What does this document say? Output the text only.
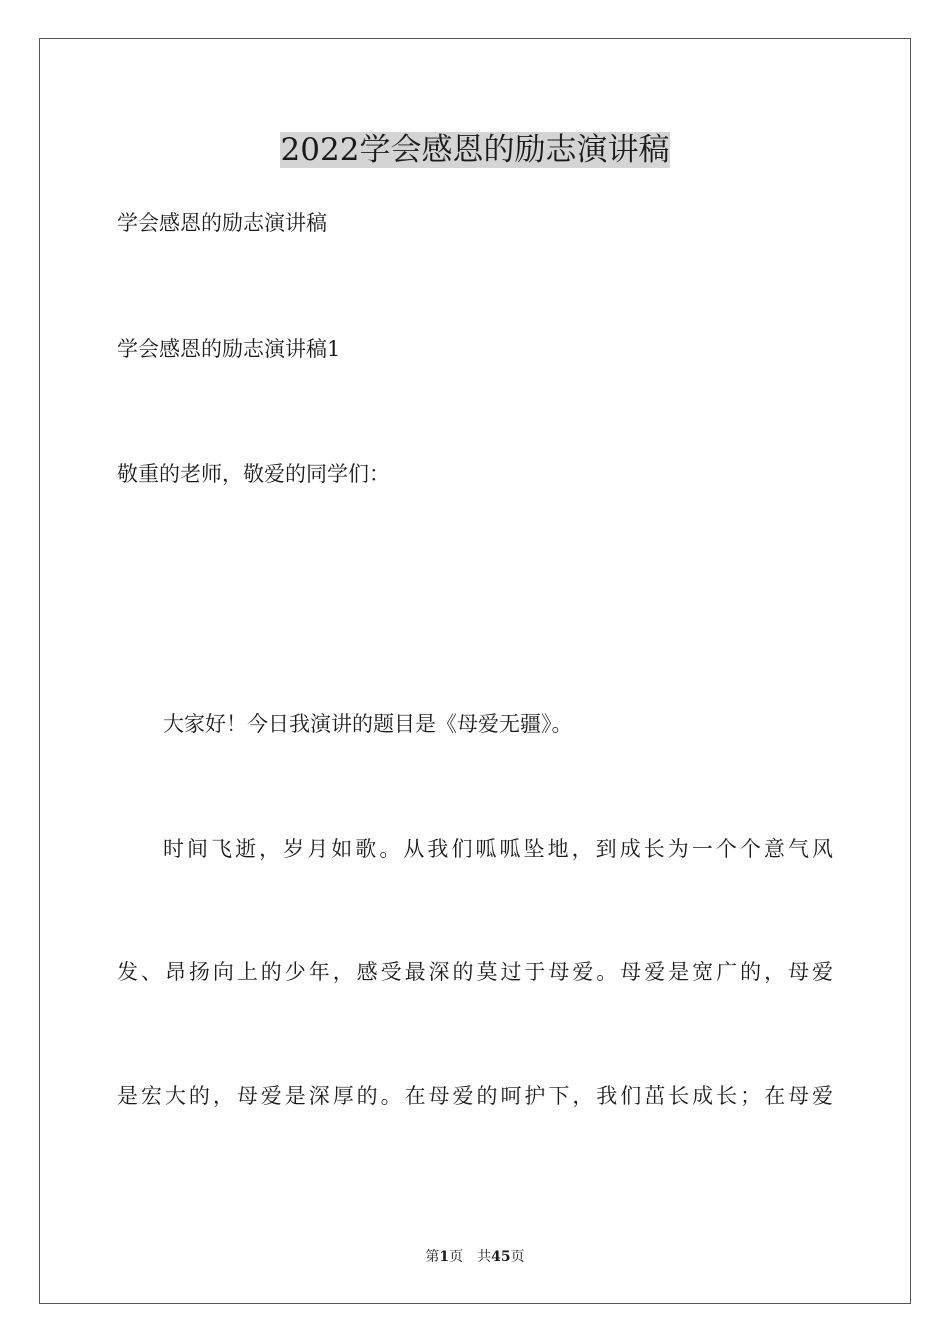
2022学会感恩的励志演讲稿

学会感恩的励志演讲稿

学会感恩的励志演讲稿1

敬重的老师，敬爱的同学们：

大家好！今日我演讲的题目是《母爱无疆》。

时间飞逝，岁月如歌。从我们呱呱坠地，到成长为一个个意气风

发、昂扬向上的少年，感受最深的莫过于母爱。母爱是宽广的，母爱

是宏大的，母爱是深厚的。在母爱的呵护下，我们茁长成长；在母爱

第1页 共45页
